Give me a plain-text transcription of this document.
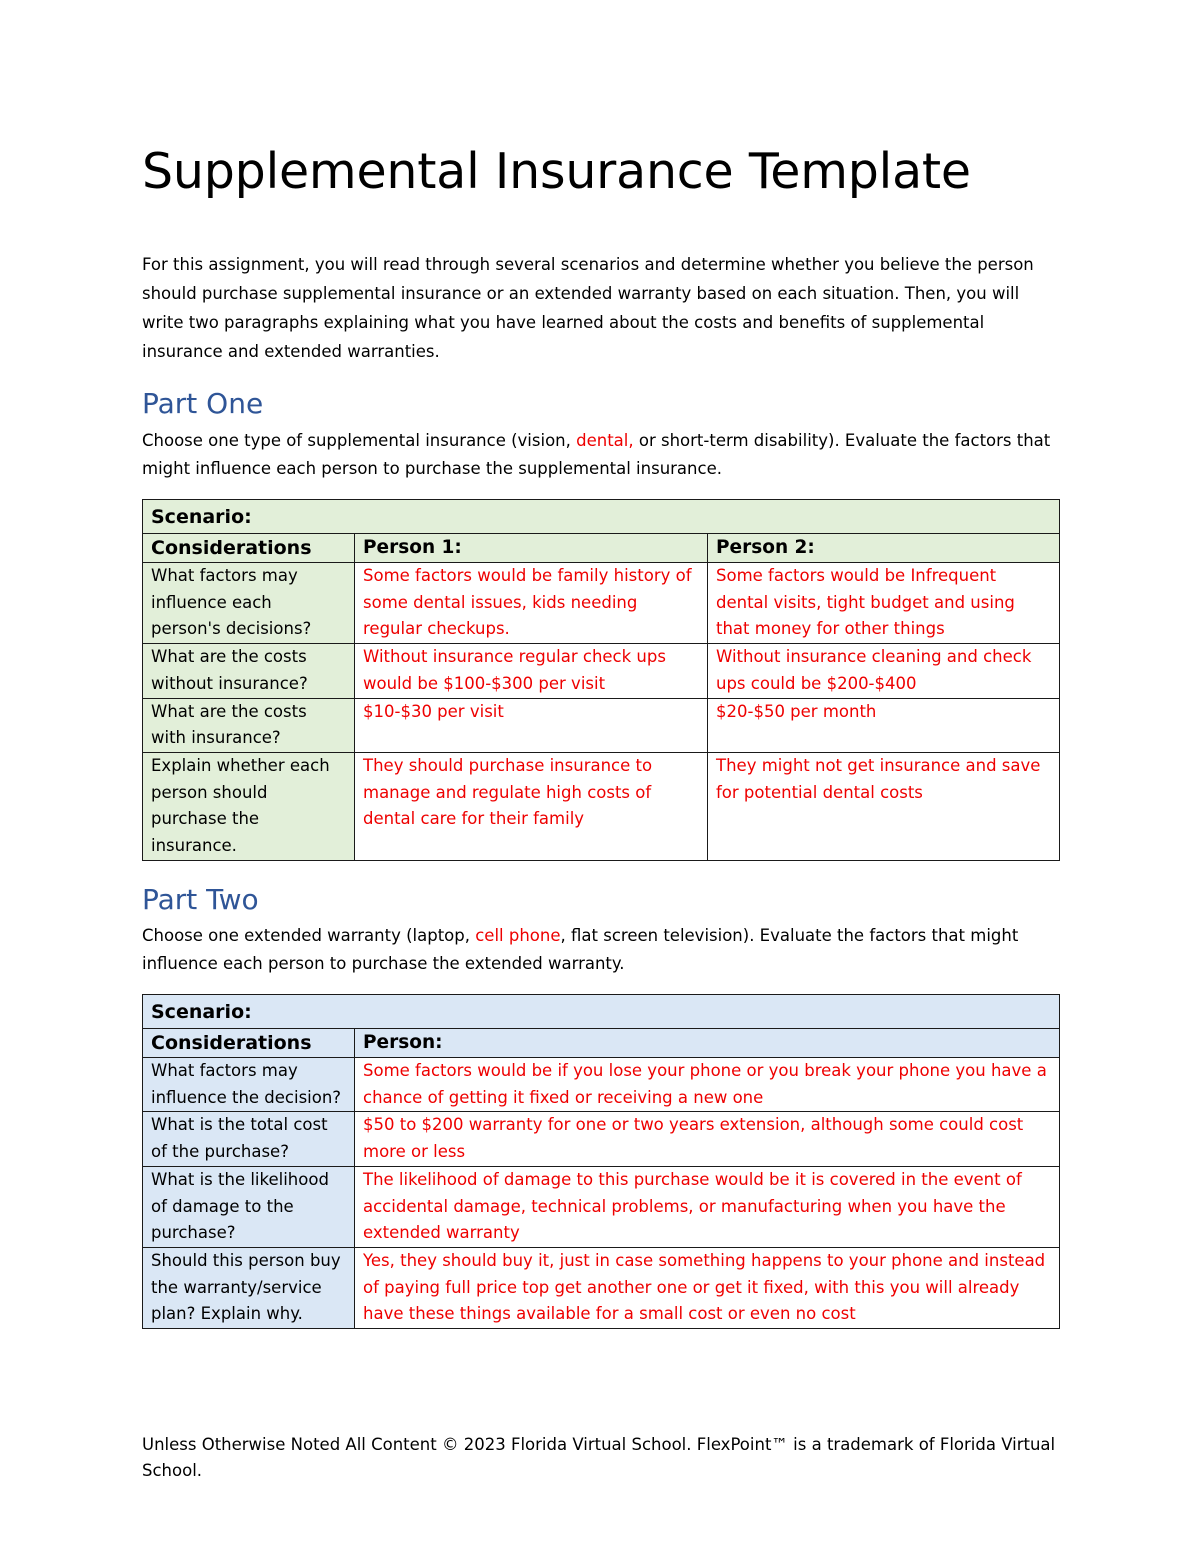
Supplemental Insurance Template
For this assignment, you will read through several scenarios and determine whether you believe the person should purchase supplemental insurance or an extended warranty based on each situation. Then, you will write two paragraphs explaining what you have learned about the costs and benefits of supplemental insurance and extended warranties.
Part One
Choose one type of supplemental insurance (vision, dental, or short-term disability). Evaluate the factors that might influence each person to purchase the supplemental insurance.
Scenario:		
Considerations	Person 1:	Person 2:
What factors may influence each person's decisions?	Some factors would be family history of some dental issues, kids needing regular checkups.	Some factors would be Infrequent dental visits, tight budget and using that money for other things
What are the costs without insurance?	Without insurance regular check ups would be $100-$300 per visit	Without insurance cleaning and check ups could be $200-$400
What are the costs with insurance?	$10-$30 per visit	$20-$50 per month
Explain whether each person should purchase the insurance.	They should purchase insurance to manage and regulate high costs of dental care for their family	They might not get insurance and save for potential dental costs
Part Two
Choose one extended warranty (laptop, cell phone, flat screen television). Evaluate the factors that might influence each person to purchase the extended warranty.
Scenario:	
Considerations	Person:
What factors may influence the decision?	Some factors would be if you lose your phone or you break your phone you have a chance of getting it fixed or receiving a new one
What is the total cost of the purchase?	$50 to $200 warranty for one or two years extension, although some could cost more or less
What is the likelihood of damage to the purchase?	The likelihood of damage to this purchase would be it is covered in the event of accidental damage, technical problems, or manufacturing when you have the extended warranty
Should this person buy the warranty/service plan? Explain why.	Yes, they should buy it, just in case something happens to your phone and instead of paying full price top get another one or get it fixed, with this you will already have these things available for a small cost or even no cost
Unless Otherwise Noted All Content © 2023 Florida Virtual School. FlexPoint™ is a trademark of Florida Virtual School.
